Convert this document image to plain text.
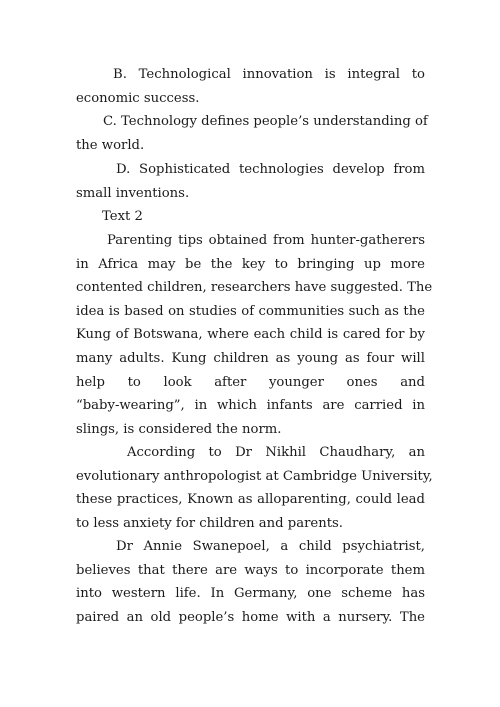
B. Technological innovation is integral to
economic success.
C. Technology defines people’s understanding of
the world.
D. Sophisticated technologies develop from
small inventions.
Text 2
Parenting tips obtained from hunter-gatherers
in Africa may be the key to bringing up more
contented children, researchers have suggested. The
idea is based on studies of communities such as the
Kung of Botswana, where each child is cared for by
many adults. Kung children as young as four will
help to look after younger ones and
“baby-wearing”, in which infants are carried in
slings, is considered the norm.
According to Dr Nikhil Chaudhary, an
evolutionary anthropologist at Cambridge University,
these practices, Known as alloparenting, could lead
to less anxiety for children and parents.
Dr Annie Swanepoel, a child psychiatrist,
believes that there are ways to incorporate them
into western life. In Germany, one scheme has
paired an old people’s home with a nursery. The
